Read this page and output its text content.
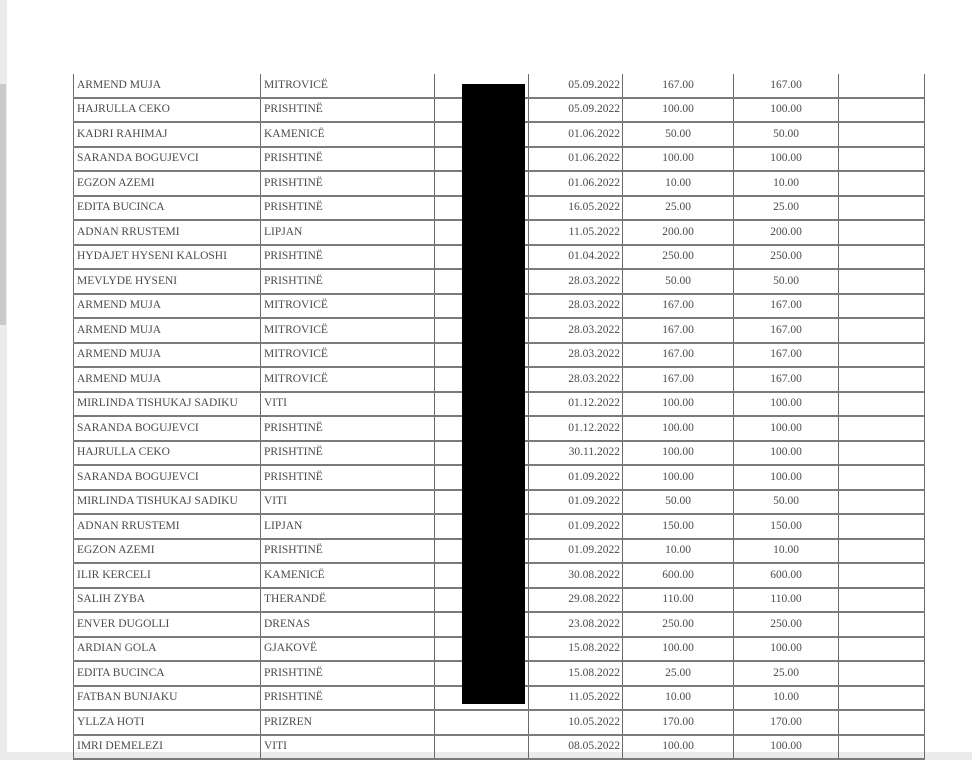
ARMEND MUJA	MITROVICË		05.09.2022	167.00	167.00	
HAJRULLA CEKO	PRISHTINË		05.09.2022	100.00	100.00	
KADRI RAHIMAJ	KAMENICË		01.06.2022	50.00	50.00	
SARANDA BOGUJEVCI	PRISHTINË		01.06.2022	100.00	100.00	
EGZON AZEMI	PRISHTINË		01.06.2022	10.00	10.00	
EDITA BUCINCA	PRISHTINË		16.05.2022	25.00	25.00	
ADNAN RRUSTEMI	LIPJAN		11.05.2022	200.00	200.00	
HYDAJET HYSENI KALOSHI	PRISHTINË		01.04.2022	250.00	250.00	
MEVLYDE HYSENI	PRISHTINË		28.03.2022	50.00	50.00	
ARMEND MUJA	MITROVICË		28.03.2022	167.00	167.00	
ARMEND MUJA	MITROVICË		28.03.2022	167.00	167.00	
ARMEND MUJA	MITROVICË		28.03.2022	167.00	167.00	
ARMEND MUJA	MITROVICË		28.03.2022	167.00	167.00	
MIRLINDA TISHUKAJ SADIKU	VITI		01.12.2022	100.00	100.00	
SARANDA BOGUJEVCI	PRISHTINË		01.12.2022	100.00	100.00	
HAJRULLA CEKO	PRISHTINË		30.11.2022	100.00	100.00	
SARANDA BOGUJEVCI	PRISHTINË		01.09.2022	100.00	100.00	
MIRLINDA TISHUKAJ SADIKU	VITI		01.09.2022	50.00	50.00	
ADNAN RRUSTEMI	LIPJAN		01.09.2022	150.00	150.00	
EGZON AZEMI	PRISHTINË		01.09.2022	10.00	10.00	
ILIR KERCELI	KAMENICË		30.08.2022	600.00	600.00	
SALIH ZYBA	THERANDË		29.08.2022	110.00	110.00	
ENVER DUGOLLI	DRENAS		23.08.2022	250.00	250.00	
ARDIAN GOLA	GJAKOVË		15.08.2022	100.00	100.00	
EDITA BUCINCA	PRISHTINË		15.08.2022	25.00	25.00	
FATBAN BUNJAKU	PRISHTINË		11.05.2022	10.00	10.00	
YLLZA HOTI	PRIZREN		10.05.2022	170.00	170.00	
IMRI DEMELEZI	VITI		08.05.2022	100.00	100.00	
